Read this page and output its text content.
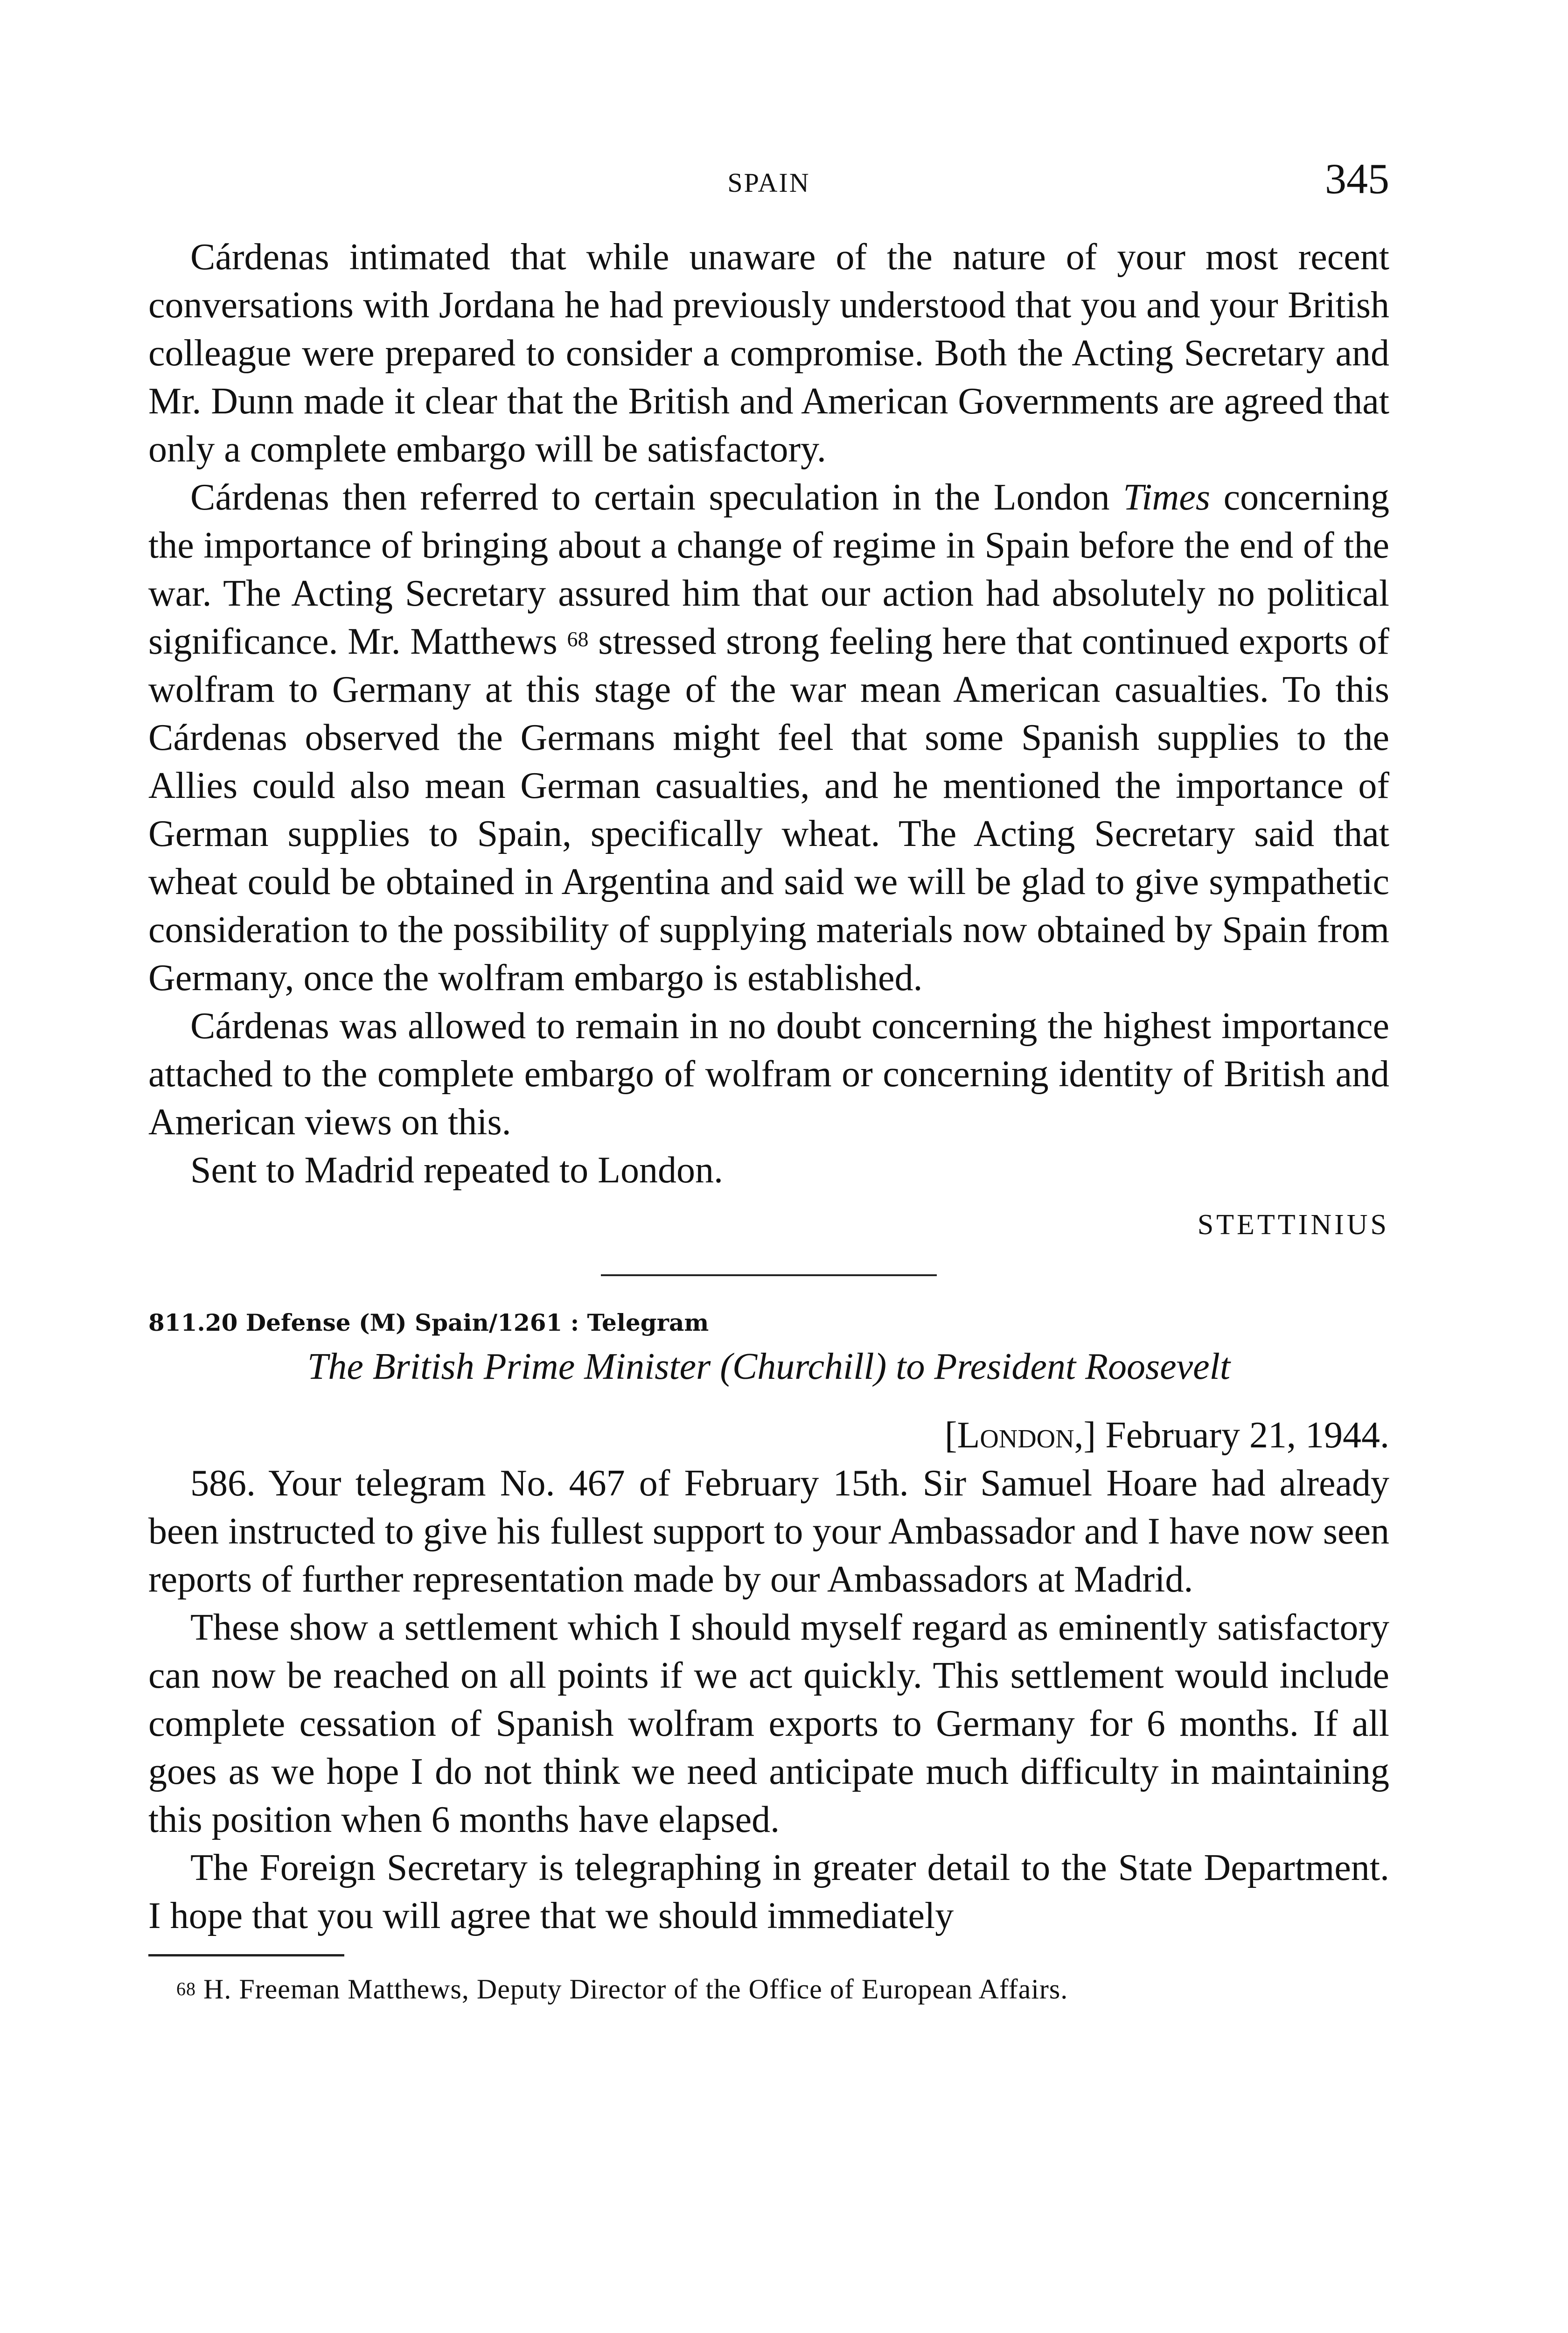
SPAIN	345

Cárdenas intimated that while unaware of the nature of your most recent conversations with Jordana he had previously understood that you and your British colleague were prepared to consider a compromise. Both the Acting Secretary and Mr. Dunn made it clear that the British and American Governments are agreed that only a complete embargo will be satisfactory.

Cárdenas then referred to certain speculation in the London Times concerning the importance of bringing about a change of regime in Spain before the end of the war. The Acting Secretary assured him that our action had absolutely no political significance. Mr. Matthews $^{68}$ stressed strong feeling here that continued exports of wolfram to Germany at this stage of the war mean American casualties. To this Cárdenas observed the Germans might feel that some Spanish supplies to the Allies could also mean German casualties, and he mentioned the importance of German supplies to Spain, specifically wheat. The Acting Secretary said that wheat could be obtained in Argentina and said we will be glad to give sympathetic consideration to the possibility of supplying materials now obtained by Spain from Germany, once the wolfram embargo is established.

Cárdenas was allowed to remain in no doubt concerning the highest importance attached to the complete embargo of wolfram or concerning identity of British and American views on this.

Sent to Madrid repeated to London.

STETTINIUS

811.20 Defense (M) Spain/1261 : Telegram

The British Prime Minister (Churchill) to President Roosevelt

[London,] February 21, 1944.

586. Your telegram No. 467 of February 15th. Sir Samuel Hoare had already been instructed to give his fullest support to your Ambassador and I have now seen reports of further representation made by our Ambassadors at Madrid.

These show a settlement which I should myself regard as eminently satisfactory can now be reached on all points if we act quickly. This settlement would include complete cessation of Spanish wolfram exports to Germany for 6 months. If all goes as we hope I do not think we need anticipate much difficulty in maintaining this position when 6 months have elapsed.

The Foreign Secretary is telegraphing in greater detail to the State Department. I hope that you will agree that we should immediately

$^{68}$ H. Freeman Matthews, Deputy Director of the Office of European Affairs.
